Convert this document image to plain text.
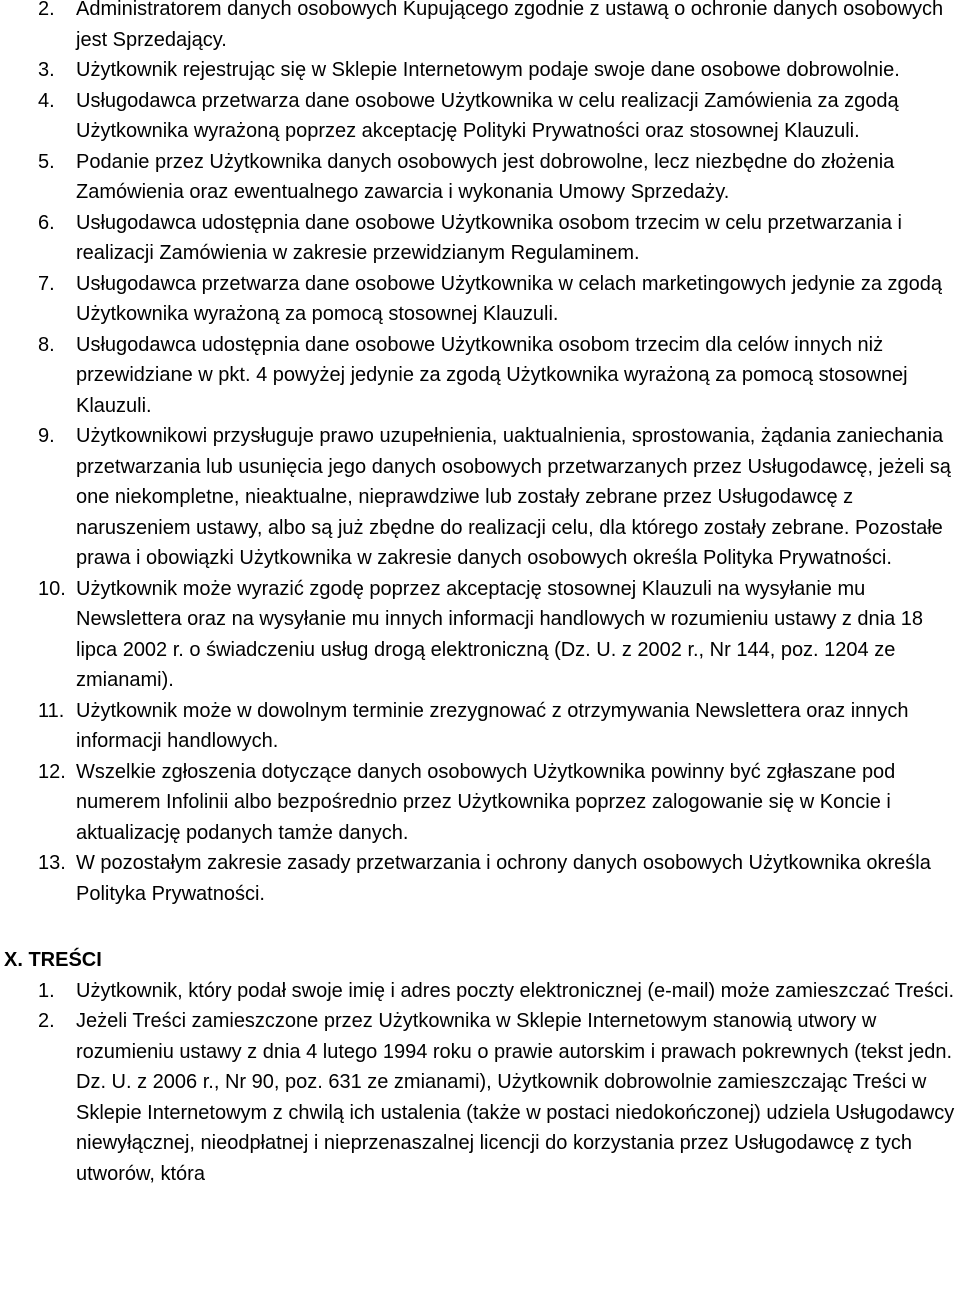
2. Administratorem danych osobowych Kupującego zgodnie z ustawą o ochronie danych osobowych jest Sprzedający.
3. Użytkownik rejestrując się w Sklepie Internetowym podaje swoje dane osobowe dobrowolnie.
4. Usługodawca przetwarza dane osobowe Użytkownika w celu realizacji Zamówienia za zgodą Użytkownika wyrażoną poprzez akceptację Polityki Prywatności oraz stosownej Klauzuli.
5. Podanie przez Użytkownika danych osobowych jest dobrowolne, lecz niezbędne do złożenia Zamówienia oraz ewentualnego zawarcia i wykonania Umowy Sprzedaży.
6. Usługodawca udostępnia dane osobowe Użytkownika osobom trzecim w celu przetwarzania i realizacji Zamówienia w zakresie przewidzianym Regulaminem.
7. Usługodawca przetwarza dane osobowe Użytkownika w celach marketingowych jedynie za zgodą Użytkownika wyrażoną za pomocą stosownej Klauzuli.
8. Usługodawca udostępnia dane osobowe Użytkownika osobom trzecim dla celów innych niż przewidziane w pkt. 4 powyżej jedynie za zgodą Użytkownika wyrażoną za pomocą stosownej Klauzuli.
9. Użytkownikowi przysługuje prawo uzupełnienia, uaktualnienia, sprostowania, żądania zaniechania przetwarzania lub usunięcia jego danych osobowych przetwarzanych przez Usługodawcę, jeżeli są one niekompletne, nieaktualne, nieprawdziwe lub zostały zebrane przez Usługodawcę z naruszeniem ustawy, albo są już zbędne do realizacji celu, dla którego zostały zebrane. Pozostałe prawa i obowiązki Użytkownika w zakresie danych osobowych określa Polityka Prywatności.
10. Użytkownik może wyrazić zgodę poprzez akceptację stosownej Klauzuli na wysyłanie mu Newslettera oraz na wysyłanie mu innych informacji handlowych w rozumieniu ustawy z dnia 18 lipca 2002 r. o świadczeniu usług drogą elektroniczną (Dz. U. z 2002 r., Nr 144, poz. 1204 ze zmianami).
11. Użytkownik może w dowolnym terminie zrezygnować z otrzymywania Newslettera oraz innych informacji handlowych.
12. Wszelkie zgłoszenia dotyczące danych osobowych Użytkownika powinny być zgłaszane pod numerem Infolinii albo bezpośrednio przez Użytkownika poprzez zalogowanie się w Koncie i aktualizację podanych tamże danych.
13. W pozostałym zakresie zasady przetwarzania i ochrony danych osobowych Użytkownika określa Polityka Prywatności.
X. TREŚCI
1. Użytkownik, który podał swoje imię i adres poczty elektronicznej (e-mail) może zamieszczać Treści.
2. Jeżeli Treści zamieszczone przez Użytkownika w Sklepie Internetowym stanowią utwory w rozumieniu ustawy z dnia 4 lutego 1994 roku o prawie autorskim i prawach pokrewnych (tekst jedn. Dz. U. z 2006 r., Nr 90, poz. 631 ze zmianami), Użytkownik dobrowolnie zamieszczając Treści w Sklepie Internetowym z chwilą ich ustalenia (także w postaci niedokończonej) udziela Usługodawcy niewyłącznej, nieodpłatnej i nieprzenaszalnej licencji do korzystania przez Usługodawcę z tych utworów, która
